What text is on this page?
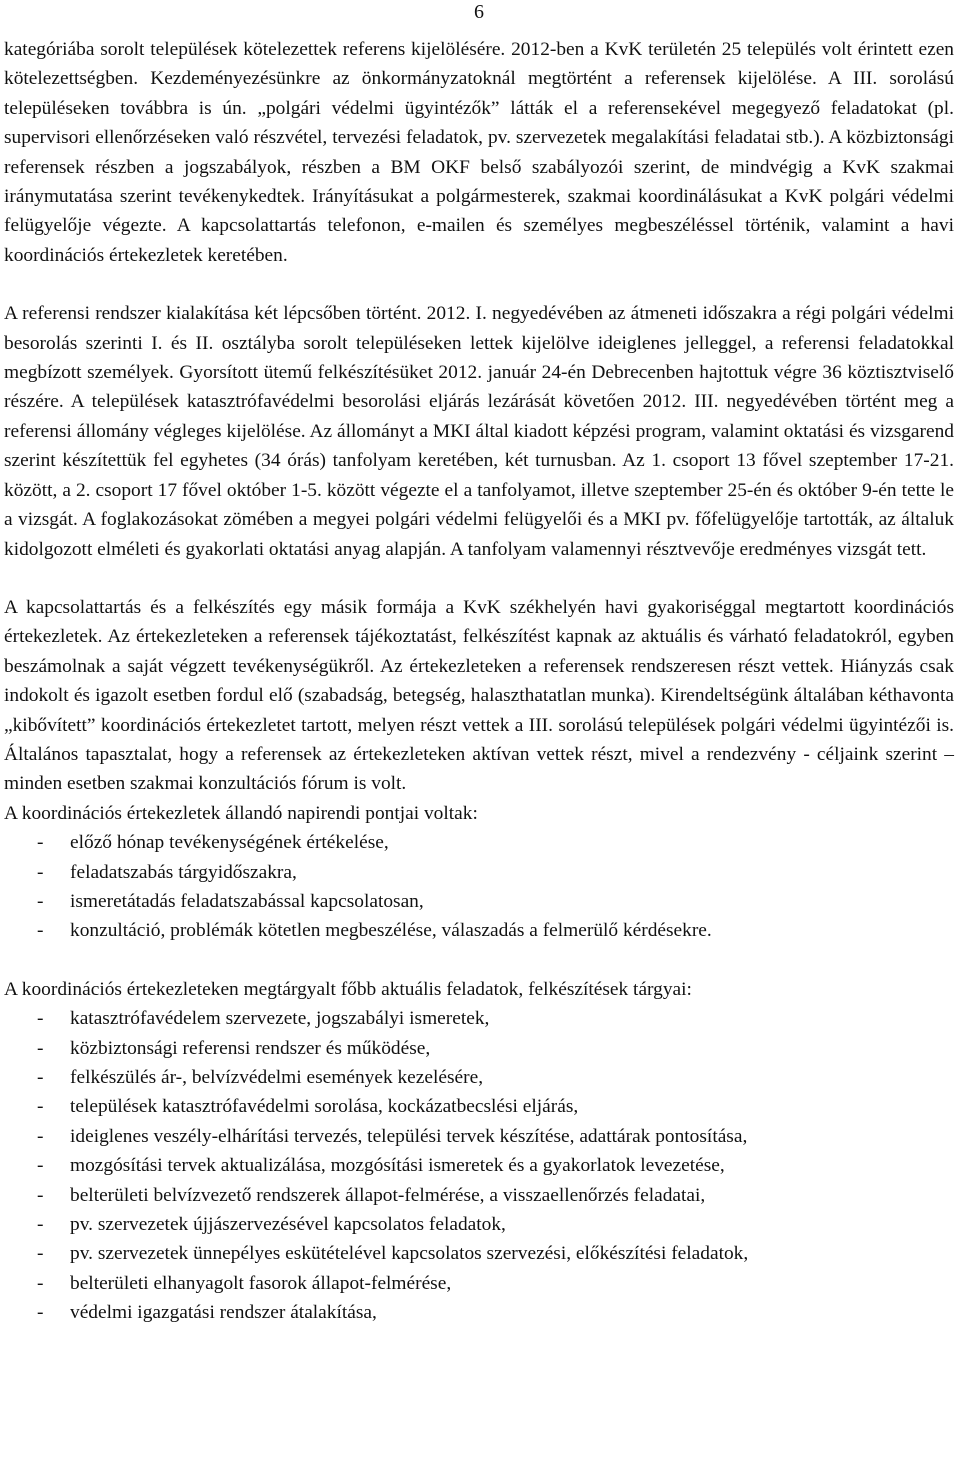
6

kategóriába sorolt települések kötelezettek referens kijelölésére. 2012-ben a KvK területén 25 település volt érintett ezen kötelezettségben. Kezdeményezésünkre az önkormányzatoknál megtörtént a referensek kijelölése. A III. sorolású településeken továbbra is ún. „polgári védelmi ügyintézők” látták el a referensekével megegyező feladatokat (pl. supervisori ellenőrzéseken való részvétel, tervezési feladatok, pv. szervezetek megalakítási feladatai stb.). A közbiztonsági referensek részben a jogszabályok, részben a BM OKF belső szabályozói szerint, de mindvégig a KvK szakmai iránymutatása szerint tevékenykedtek. Irányításukat a polgármesterek, szakmai koordinálásukat a KvK polgári védelmi felügyelője végezte. A kapcsolattartás telefonon, e-mailen és személyes megbeszéléssel történik, valamint a havi koordinációs értekezletek keretében.

A referensi rendszer kialakítása két lépcsőben történt. 2012. I. negyedévében az átmeneti időszakra a régi polgári védelmi besorolás szerinti I. és II. osztályba sorolt településeken lettek kijelölve ideiglenes jelleggel, a referensi feladatokkal megbízott személyek. Gyorsított ütemű felkészítésüket 2012. január 24-én Debrecenben hajtottuk végre 36 köztisztviselő részére. A települések katasztrófavédelmi besorolási eljárás lezárását követően 2012. III. negyedévében történt meg a referensi állomány végleges kijelölése. Az állományt a MKI által kiadott képzési program, valamint oktatási és vizsgarend szerint készítettük fel egyhetes (34 órás) tanfolyam keretében, két turnusban. Az 1. csoport 13 fővel szeptember 17-21. között, a 2. csoport 17 fővel október 1-5. között végezte el a tanfolyamot, illetve szeptember 25-én és október 9-én tette le a vizsgát. A foglakozásokat zömében a megyei polgári védelmi felügyelői és a MKI pv. főfelügyelője tartották, az általuk kidolgozott elméleti és gyakorlati oktatási anyag alapján. A tanfolyam valamennyi résztvevője eredményes vizsgát tett.

A kapcsolattartás és a felkészítés egy másik formája a KvK székhelyén havi gyakoriséggal megtartott koordinációs értekezletek. Az értekezleteken a referensek tájékoztatást, felkészítést kapnak az aktuális és várható feladatokról, egyben beszámolnak a saját végzett tevékenységükről. Az értekezleteken a referensek rendszeresen részt vettek. Hiányzás csak indokolt és igazolt esetben fordul elő (szabadság, betegség, halaszthatatlan munka). Kirendeltségünk általában kéthavonta „kibővített” koordinációs értekezletet tartott, melyen részt vettek a III. sorolású települések polgári védelmi ügyintézői is. Általános tapasztalat, hogy a referensek az értekezleteken aktívan vettek részt, mivel a rendezvény - céljaink szerint – minden esetben szakmai konzultációs fórum is volt.

A koordinációs értekezletek állandó napirendi pontjai voltak:

- előző hónap tevékenységének értékelése,
- feladatszabás tárgyidőszakra,
- ismeretátadás feladatszabással kapcsolatosan,
- konzultáció, problémák kötetlen megbeszélése, válaszadás a felmerülő kérdésekre.

A koordinációs értekezleteken megtárgyalt főbb aktuális feladatok, felkészítések tárgyai:

- katasztrófavédelem szervezete, jogszabályi ismeretek,
- közbiztonsági referensi rendszer és működése,
- felkészülés ár-, belvízvédelmi események kezelésére,
- települések katasztrófavédelmi sorolása, kockázatbecslési eljárás,
- ideiglenes veszély-elhárítási tervezés, települési tervek készítése, adattárak pontosítása,
- mozgósítási tervek aktualizálása, mozgósítási ismeretek és a gyakorlatok levezetése,
- belterületi belvízvezető rendszerek állapot-felmérése, a visszaellenőrzés feladatai,
- pv. szervezetek újjászervezésével kapcsolatos feladatok,
- pv. szervezetek ünnepélyes eskütételével kapcsolatos szervezési, előkészítési feladatok,
- belterületi elhanyagolt fasorok állapot-felmérése,
- védelmi igazgatási rendszer átalakítása,
